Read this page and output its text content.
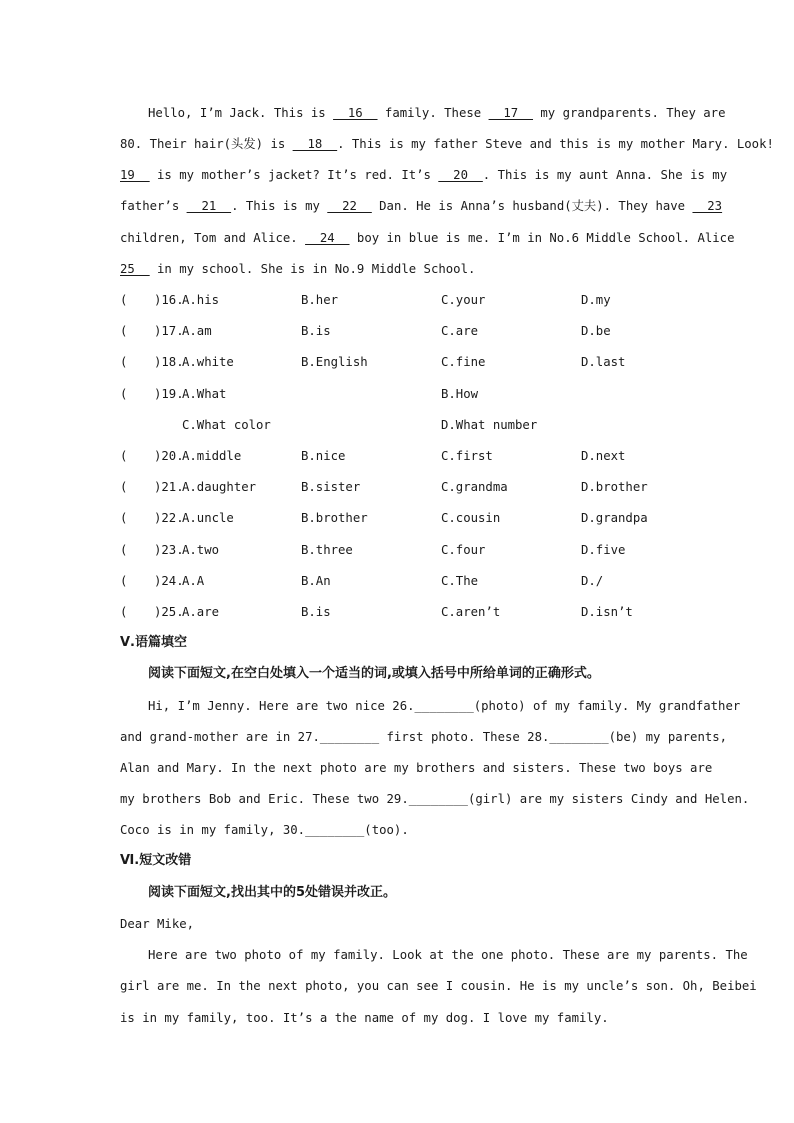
Hello, I’m Jack. This is __16__ family. These __17__ my grandparents. They are
80. Their hair(头发) is __18__. This is my father Steve and this is my mother Mary. Look!
19__ is my mother’s jacket? It’s red. It’s __20__. This is my aunt Anna. She is my
father’s __21__. This is my __22__ Dan. He is Anna’s husband(丈夫). They have __23
children, Tom and Alice. __24__ boy in blue is me. I’m in No.6 Middle School. Alice
25__ in my school. She is in No.9 Middle School.
( )16.
A.his	B.her	C.your	D.my
( )17.
A.am	B.is	C.are	D.be
( )18.
A.white	B.English	C.fine	D.last
( )19.
A.What	B.How
C.What color	D.What number
( )20.
A.middle	B.nice	C.first	D.next
( )21.
A.daughter	B.sister	C.grandma	D.brother
( )22.
A.uncle	B.brother	C.cousin	D.grandpa
( )23.
A.two	B.three	C.four	D.five
( )24.
A.A	B.An	C.The	D./
( )25.
A.are	B.is	C.aren’t	D.isn’t
Ⅴ.语篇填空
阅读下面短文,在空白处填入一个适当的词,或填入括号中所给单词的正确形式。
Hi, I’m Jenny. Here are two nice 26.________(photo) of my family. My grandfather
and grand-mother are in 27.________ first photo. These 28.________(be) my parents,
Alan and Mary. In the next photo are my brothers and sisters. These two boys are
my brothers Bob and Eric. These two 29.________(girl) are my sisters Cindy and Helen.
Coco is in my family, 30.________(too).
Ⅵ.短文改错
阅读下面短文,找出其中的5处错误并改正。
Dear Mike,
Here are two photo of my family. Look at the one photo. These are my parents. The
girl are me. In the next photo, you can see I cousin. He is my uncle’s son. Oh, Beibei
is in my family, too. It’s a the name of my dog. I love my family.
